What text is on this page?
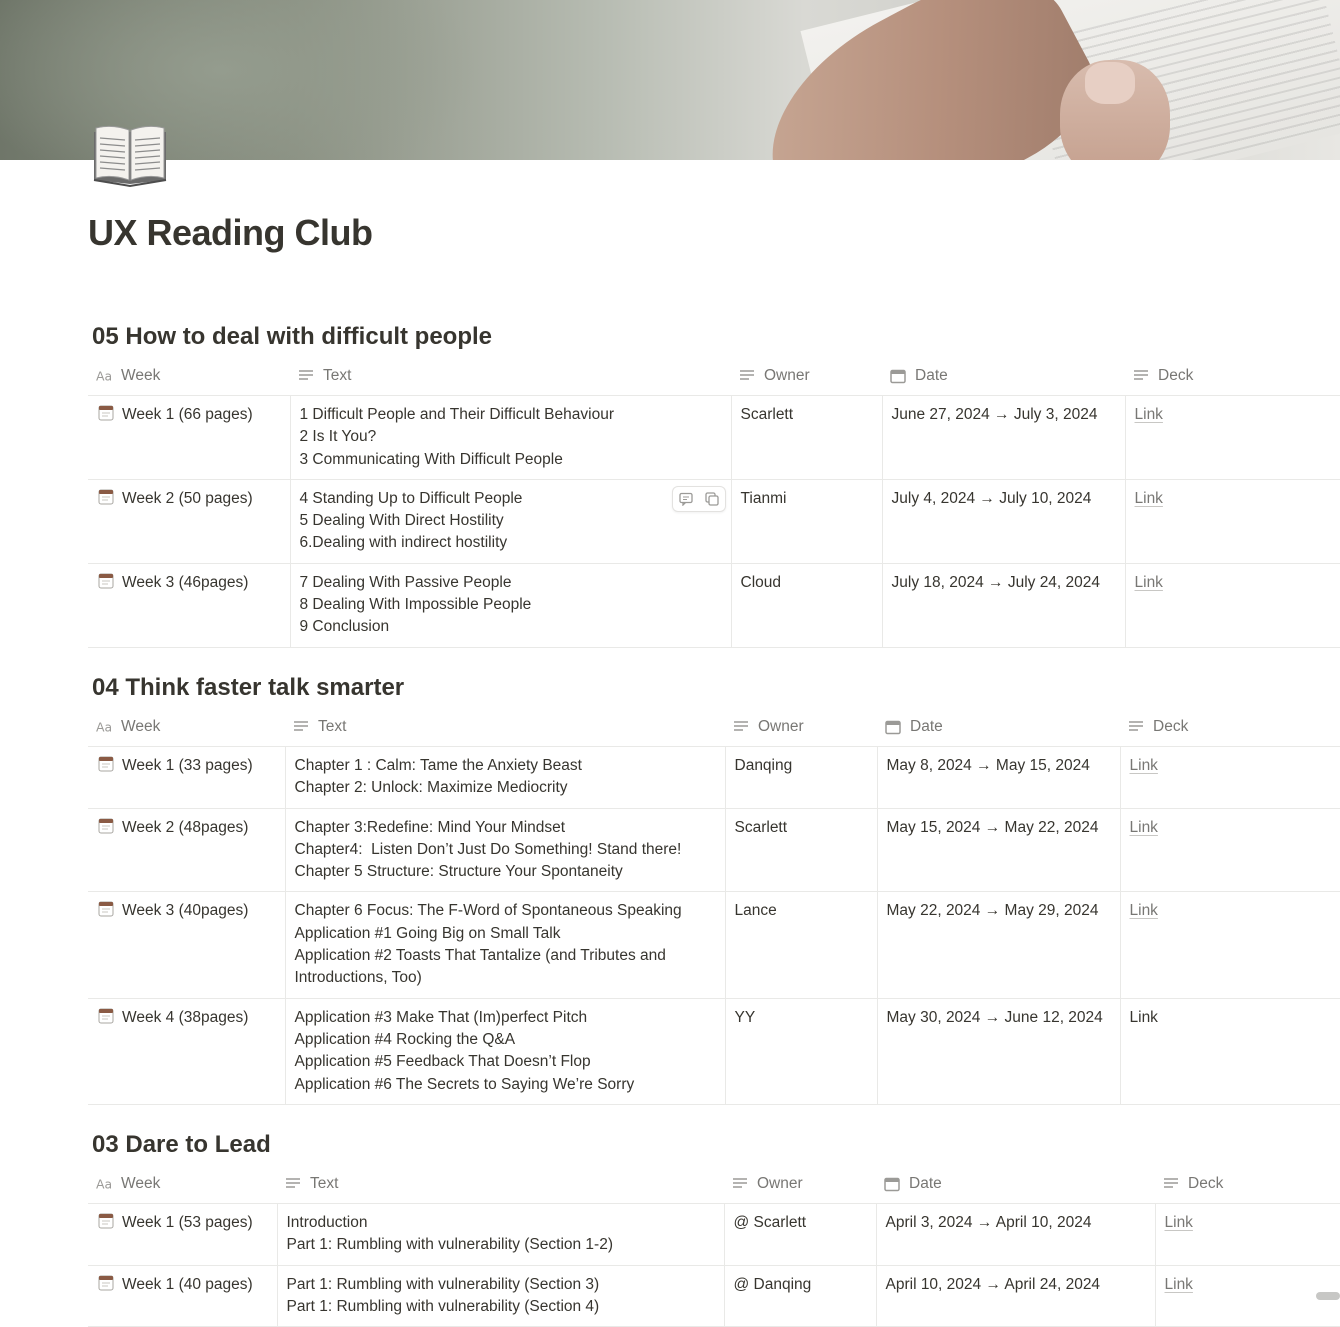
UX Reading Club
05 How to deal with difficult people
Aa Week	Text	Owner	Date	Deck

Week 1 (66 pages)	1 Difficult People and Their Difficult Behaviour
2 Is It You?
3 Communicating With Difficult People	Scarlett	June 27, 2024 → July 3, 2024	Link
Week 2 (50 pages)	4 Standing Up to Difficult People
5 Dealing With Direct Hostility
6.Dealing with indirect hostility	Tianmi	July 4, 2024 → July 10, 2024	Link
Week 3 (46pages)	7 Dealing With Passive People
8 Dealing With Impossible People
9 Conclusion	Cloud	July 18, 2024 → July 24, 2024	Link
04 Think faster talk smarter
Aa Week	Text	Owner	Date	Deck

Week 1 (33 pages)	Chapter 1 : Calm: Tame the Anxiety Beast
Chapter 2: Unlock: Maximize Mediocrity	Danqing	May 8, 2024 → May 15, 2024	Link
Week 2 (48pages)	Chapter 3:Redefine: Mind Your Mindset
Chapter4:  Listen Don’t Just Do Something! Stand there!
Chapter 5 Structure: Structure Your Spontaneity	Scarlett	May 15, 2024 → May 22, 2024	Link
Week 3 (40pages)	Chapter 6 Focus: The F-Word of Spontaneous Speaking
Application #1 Going Big on Small Talk
Application #2 Toasts That Tantalize (and Tributes and Introductions, Too)	Lance	May 22, 2024 → May 29, 2024	Link
Week 4 (38pages)	Application #3 Make That (Im)perfect Pitch
Application #4 Rocking the Q&A
Application #5 Feedback That Doesn’t Flop
Application #6 The Secrets to Saying We’re Sorry	YY	May 30, 2024 → June 12, 2024	Link
03 Dare to Lead
Aa Week	Text	Owner	Date	Deck

Week 1 (53 pages)	Introduction
Part 1: Rumbling with vulnerability (Section 1-2)	@ Scarlett	April 3, 2024 → April 10, 2024	Link
Week 1 (40 pages)	Part 1: Rumbling with vulnerability (Section 3)
Part 1: Rumbling with vulnerability (Section 4)	@ Danqing	April 10, 2024 → April 24, 2024	Link
